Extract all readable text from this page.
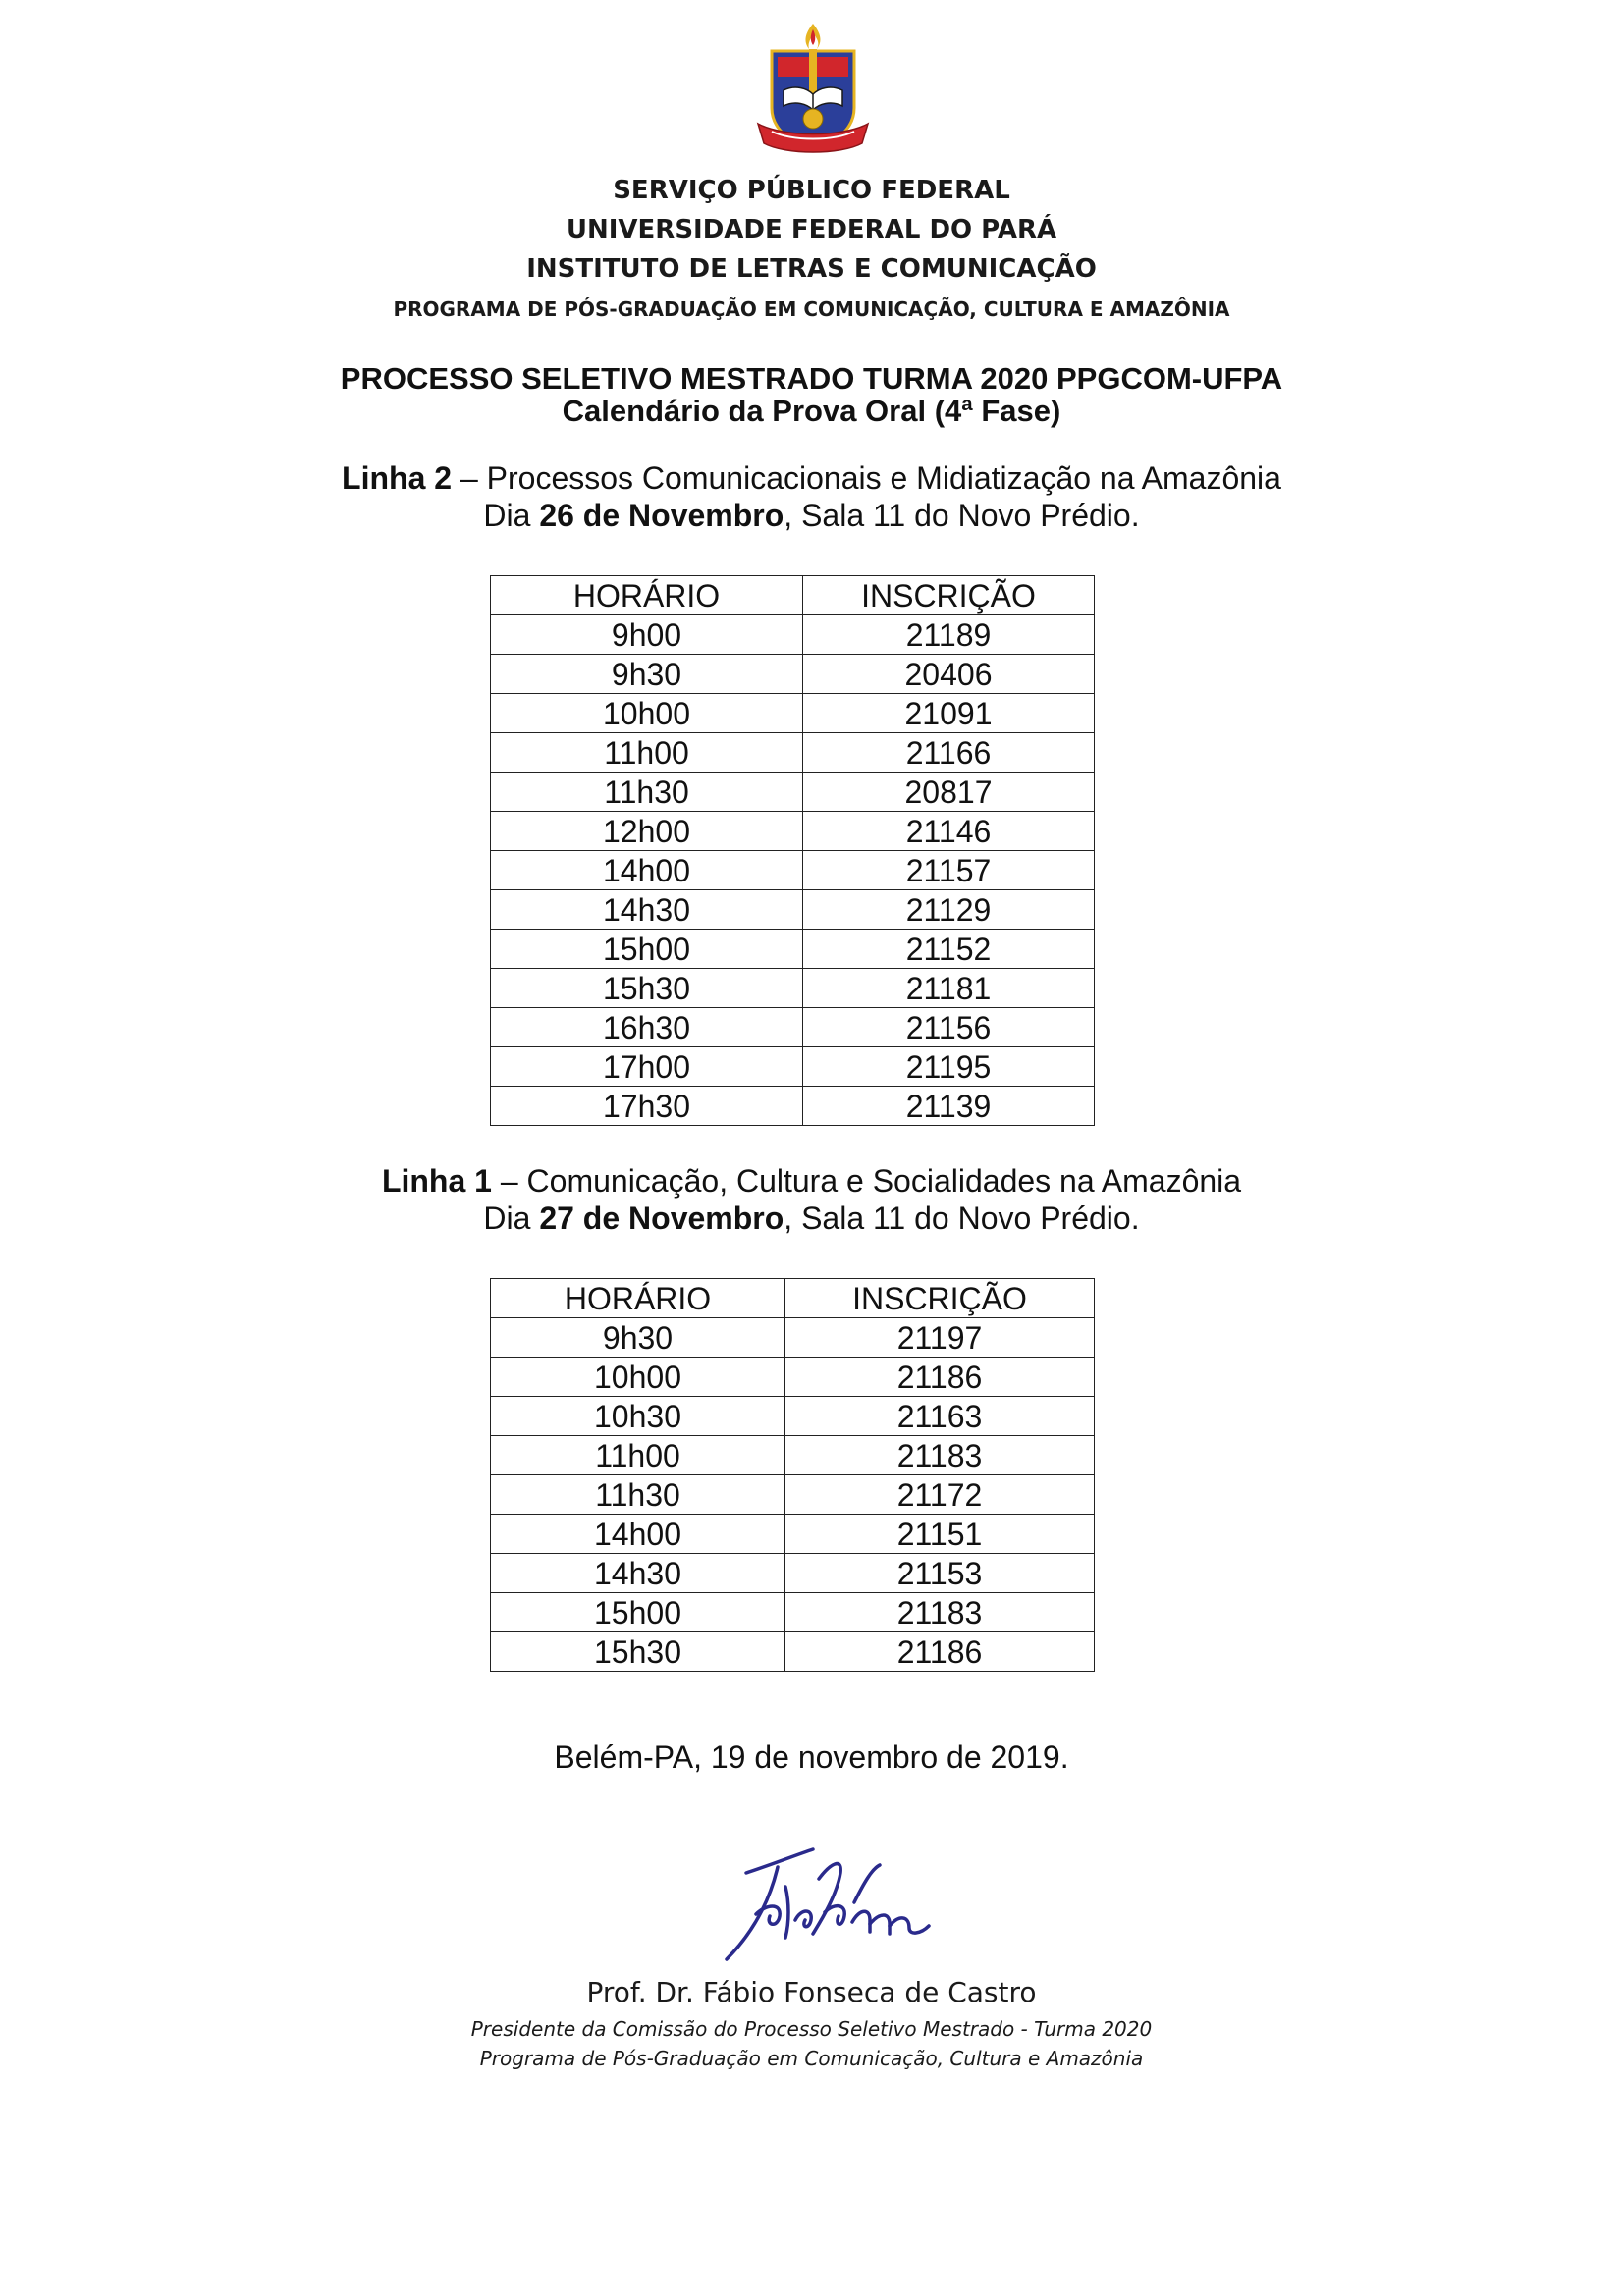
SERVIÇO PÚBLICO FEDERAL
UNIVERSIDADE FEDERAL DO PARÁ
INSTITUTO DE LETRAS E COMUNICAÇÃO
PROGRAMA DE PÓS-GRADUAÇÃO EM COMUNICAÇÃO, CULTURA E AMAZÔNIA
PROCESSO SELETIVO MESTRADO TURMA 2020 PPGCOM-UFPA
Calendário da Prova Oral (4ª Fase)
Linha 2 – Processos Comunicacionais e Midiatização na Amazônia
Dia 26 de Novembro, Sala 11 do Novo Prédio.
HORÁRIO	INSCRIÇÃO
9h00	21189
9h30	20406
10h00	21091
11h00	21166
11h30	20817
12h00	21146
14h00	21157
14h30	21129
15h00	21152
15h30	21181
16h30	21156
17h00	21195
17h30	21139
Linha 1 – Comunicação, Cultura e Socialidades na Amazônia
Dia 27 de Novembro, Sala 11 do Novo Prédio.
HORÁRIO	INSCRIÇÃO
9h30	21197
10h00	21186
10h30	21163
11h00	21183
11h30	21172
14h00	21151
14h30	21153
15h00	21183
15h30	21186
Belém-PA, 19 de novembro de 2019.
Prof. Dr. Fábio Fonseca de Castro
Presidente da Comissão do Processo Seletivo Mestrado - Turma 2020
Programa de Pós-Graduação em Comunicação, Cultura e Amazônia
